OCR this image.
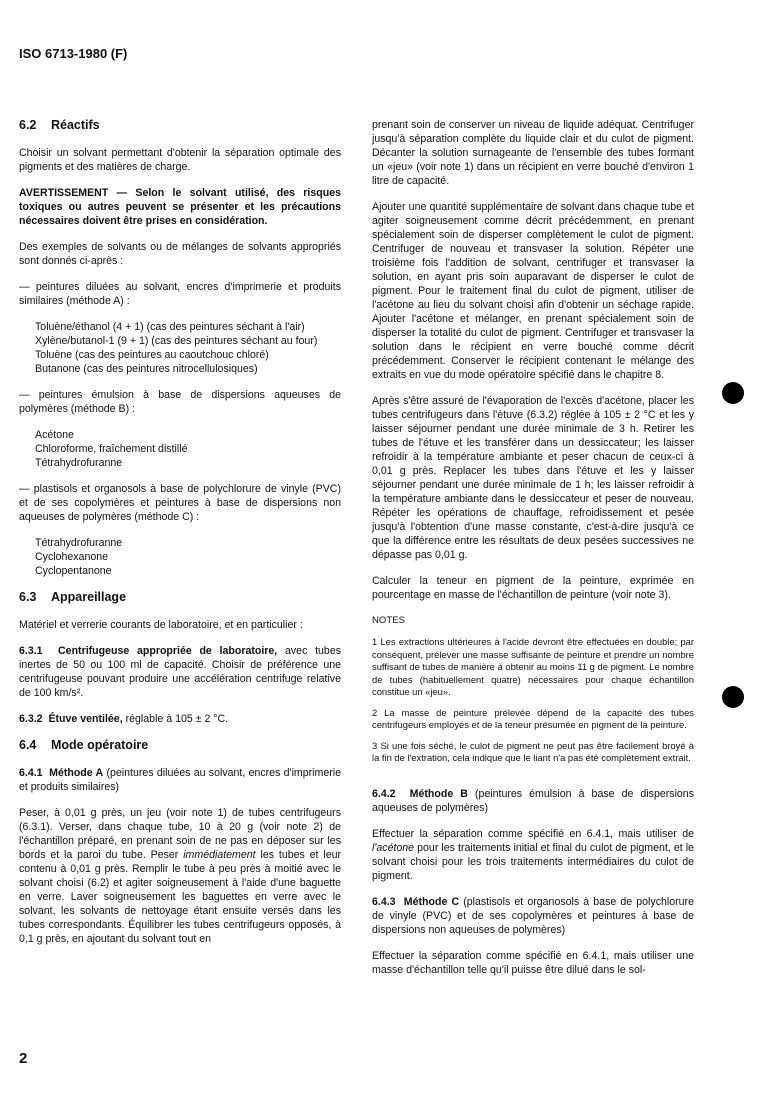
ISO 6713-1980 (F)
6.2 Réactifs

Choisir un solvant permettant d'obtenir la séparation optimale des pigments et des matières de charge.

AVERTISSEMENT — Selon le solvant utilisé, des risques toxiques ou autres peuvent se présenter et les précautions nécessaires doivent être prises en considération.

Des exemples de solvants ou de mélanges de solvants appropriés sont donnés ci-après :

— peintures diluées au solvant, encres d'imprimerie et produits similaires (méthode A) :

Toluène/éthanol (4 + 1) (cas des peintures séchant à l'air)
Xylène/butanol-1 (9 + 1) (cas des peintures séchant au four)
Toluène (cas des peintures au caoutchouc chloré)
Butanone (cas des peintures nitrocellulosiques)

— peintures émulsion à base de dispersions aqueuses de polymères (méthode B) :

Acétone
Chloroforme, fraîchement distillé
Tétrahydrofuranne

— plastisols et organosols à base de polychlorure de vinyle (PVC) et de ses copolymères et peintures à base de dispersions non aqueuses de polymères (méthode C) :

Tétrahydrofuranne
Cyclohexanone
Cyclopentanone
6.3 Appareillage

Matériel et verrerie courants de laboratoire, et en particulier :

6.3.1 Centrifugeuse appropriée de laboratoire, avec tubes inertes de 50 ou 100 ml de capacité. Choisir de préférence une centrifugeuse pouvant produire une accélération centrifuge relative de 100 km/s².

6.3.2 Étuve ventilée, réglable à 105 ± 2 °C.

6.4 Mode opératoire

6.4.1 Méthode A (peintures diluées au solvant, encres d'imprimerie et produits similaires)

Peser, à 0,01 g près, un jeu (voir note 1) de tubes centrifugeurs (6.3.1). Verser, dans chaque tube, 10 à 20 g (voir note 2) de l'échantillon préparé, en prenant soin de ne pas en déposer sur les bords et la paroi du tube. Peser immédiatement les tubes et leur contenu à 0,01 g près. Remplir le tube à peu près à moitié avec le solvant choisi (6.2) et agiter soigneusement à l'aide d'une baguette en verre. Laver soigneusement les baguettes en verre avec le solvant, les solvants de nettoyage étant ensuite versés dans les tubes correspondants. Équilibrer les tubes centrifugeurs opposés, à 0,1 g près, en ajoutant du solvant tout en

prenant soin de conserver un niveau de liquide adéquat. Centrifuger jusqu'à séparation complète du liquide clair et du culot de pigment. Décanter la solution surnageante de l'ensemble des tubes formant un «jeu» (voir note 1) dans un récipient en verre bouché d'environ 1 litre de capacité.

Ajouter une quantité supplémentaire de solvant dans chaque tube et agiter soigneusement comme décrit précédemment, en prenant spécialement soin de disperser complètement le culot de pigment. Centrifuger de nouveau et transvaser la solution. Répéter une troisième fois l'addition de solvant, centrifuger et transvaser la solution, en ayant pris soin auparavant de disperser le culot de pigment. Pour le traitement final du culot de pigment, utiliser de l'acétone au lieu du solvant choisi afin d'obtenir un séchage rapide. Ajouter l'acétone et mélanger, en prenant spécialement soin de disperser la totalité du culot de pigment. Centrifuger et transvaser la solution dans le récipient en verre bouché comme décrit précédemment. Conserver le récipient contenant le mélange des extraits en vue du mode opératoire spécifié dans le chapitre 8.

Après s'être assuré de l'évaporation de l'excès d'acétone, placer les tubes centrifugeurs dans l'étuve (6.3.2) réglée à 105 ± 2 °C et les y laisser séjourner pendant une durée minimale de 3 h. Retirer les tubes de l'étuve et les transférer dans un dessiccateur; les laisser refroidir à la température ambiante et peser chacun de ceux-ci à 0,01 g près. Replacer les tubes dans l'étuve et les y laisser séjourner pendant une durée minimale de 1 h; les laisser refroidir à la température ambiante dans le dessiccateur et peser de nouveau. Répéter les opérations de chauffage, refroidissement et pesée jusqu'à l'obtention d'une masse constante, c'est-à-dire jusqu'à ce que la différence entre les résultats de deux pesées successives ne dépasse pas 0,01 g.

Calculer la teneur en pigment de la peinture, exprimée en pourcentage en masse de l'échantillon de peinture (voir note 3).

NOTES
1 Les extractions ultérieures à l'acide devront être effectuées en double; par conséquent, prélever une masse suffisante de peinture et prendre un nombre suffisant de tubes de manière à obtenir au moins 11 g de pigment. Le nombre de tubes (habituellement quatre) nécessaires pour chaque échantillon constitue un «jeu».
2 La masse de peinture prélevée dépend de la capacité des tubes centrifugeurs employés et de la teneur présumée en pigment de la peinture.
3 Si une fois séché, le culot de pigment ne peut pas être facilement broyé à la fin de l'extration, cela indique que le liant n'a pas été complètement extrait.

6.4.2 Méthode B (peintures émulsion à base de dispersions aqueuses de polymères)

Effectuer la séparation comme spécifié en 6.4.1, mais utiliser de l'acétone pour les traitements initial et final du culot de pigment, et le solvant choisi pour les trois traitements intermédiaires du culot de pigment.

6.4.3 Méthode C (plastisols et organosols à base de polychlorure de vinyle (PVC) et de ses copolymères et peintures à base de dispersions non aqueuses de polymères)

Effectuer la séparation comme spécifié en 6.4.1, mais utiliser une masse d'échantillon telle qu'il puisse être dilué dans le sol-

2
